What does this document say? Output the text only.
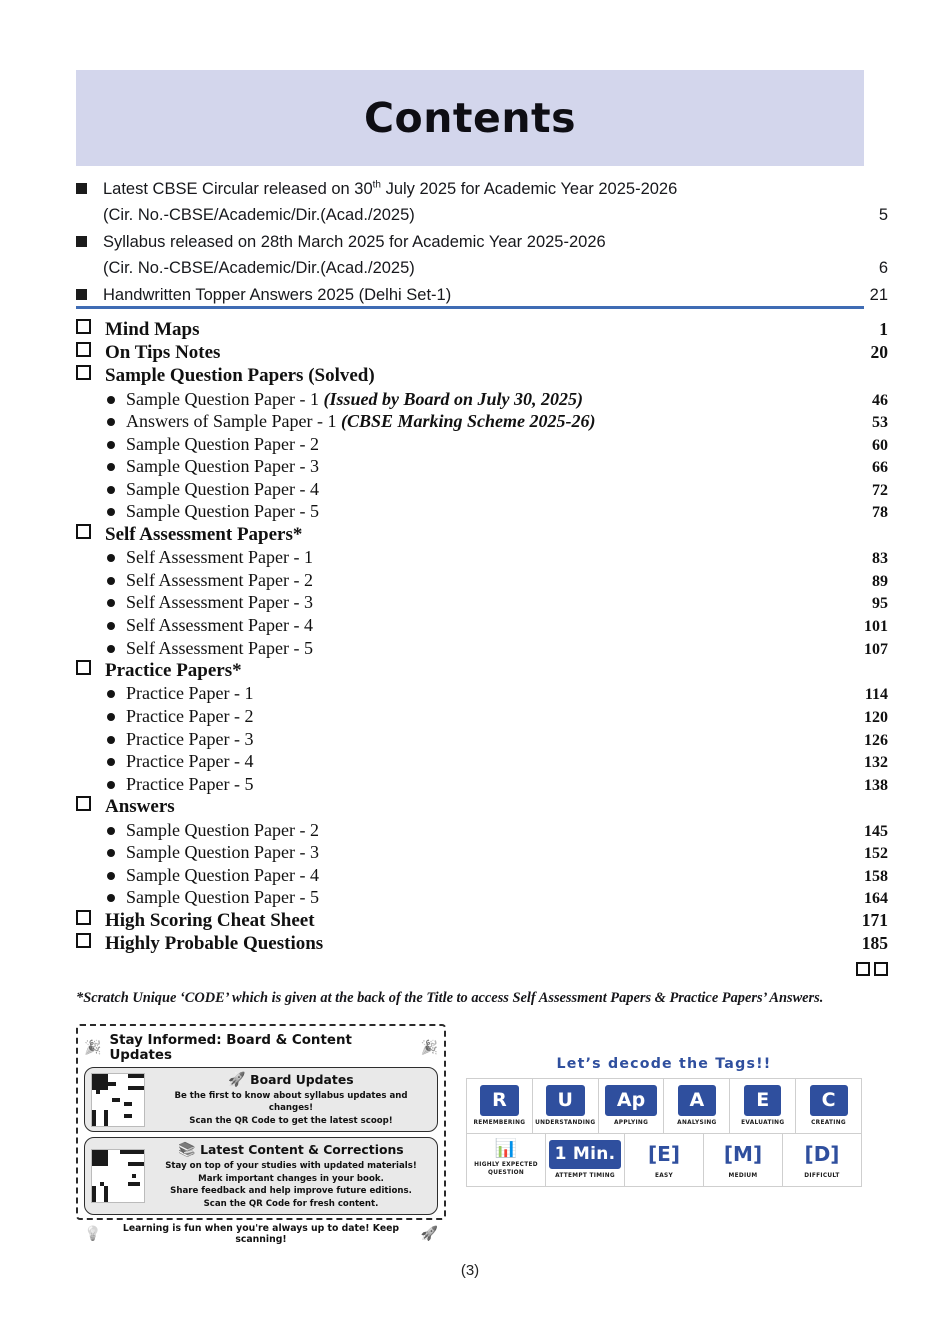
Contents
Latest CBSE Circular released on 30th July 2025 for Academic Year 2025-2026
(Cir. No.-CBSE/Academic/Dir.(Acad./2025)	5
Syllabus released on 28th March 2025 for Academic Year 2025-2026
(Cir. No.-CBSE/Academic/Dir.(Acad./2025)	6
Handwritten Topper Answers 2025 (Delhi Set-1)	21
Mind Maps	1
On Tips Notes	20
Sample Question Papers (Solved)
Sample Question Paper - 1 (Issued by Board on July 30, 2025)	46
Answers of Sample Paper - 1 (CBSE Marking Scheme 2025-26)	53
Sample Question Paper - 2	60
Sample Question Paper - 3	66
Sample Question Paper - 4	72
Sample Question Paper - 5	78
Self Assessment Papers*
Self Assessment Paper - 1	83
Self Assessment Paper - 2	89
Self Assessment Paper - 3	95
Self Assessment Paper - 4	101
Self Assessment Paper - 5	107
Practice Papers*
Practice Paper - 1	114
Practice Paper - 2	120
Practice Paper - 3	126
Practice Paper - 4	132
Practice Paper - 5	138
Answers
Sample Question Paper - 2	145
Sample Question Paper - 3	152
Sample Question Paper - 4	158
Sample Question Paper - 5	164
High Scoring Cheat Sheet	171
Highly Probable Questions	185
*Scratch Unique ‘CODE’ which is given at the back of the Title to access Self Assessment Papers & Practice Papers’ Answers.
🎉 Stay Informed: Board & Content Updates	🎉
🚀 Board Updates
Be the first to know about syllabus updates and changes!
Scan the QR Code to get the latest scoop!
📚 Latest Content & Corrections
Stay on top of your studies with updated materials!
Mark important changes in your book.
Share feedback and help improve future editions.
Scan the QR Code for fresh content.
💡	Learning is fun when you're always up to date! Keep scanning!	🚀
Let’s decode the Tags!!
R
REMEMBERING
U
UNDERSTANDING
Ap
APPLYING
A
ANALYSING
E
EVALUATING
C
CREATING
📊
HIGHLY EXPECTED QUESTION
1 Min.
ATTEMPT TIMING
[E]
EASY
[M]
MEDIUM
[D]
DIFFICULT
(3)
